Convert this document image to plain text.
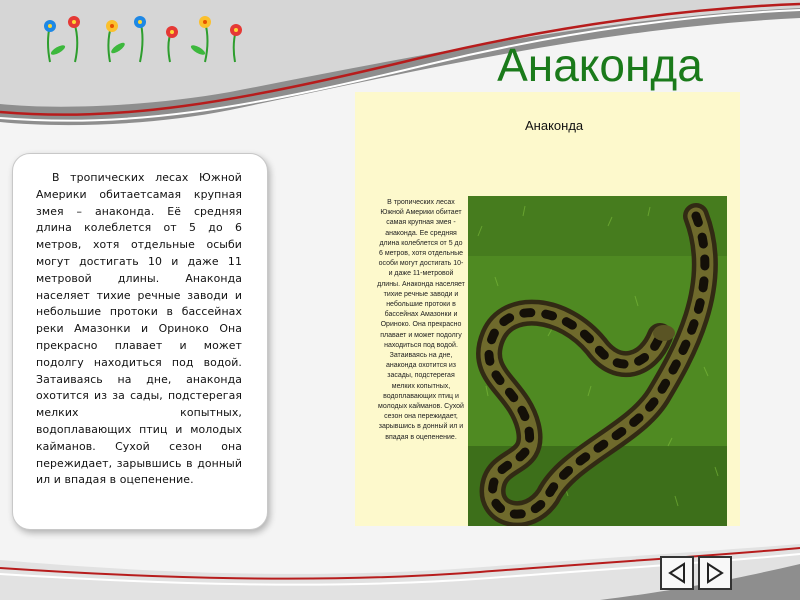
Анаконда
В тропических лесах Южной Америки обитаетсамая крупная змея – анаконда. Её средняя длина колеблется от 5 до 6 метров, хотя отдельные осыби могут достигать 10 и даже 11 метровой длины. Анаконда населяет тихие речные заводи и небольшие протоки в бассейнах реки Амазонки и Ориноко Она прекрасно плавает и может подолгу находиться под водой. Затаиваясь на дне, анаконда охотится из за сады, подстерегая мелких копытных, водоплавающих птиц и молодых кайманов. Сухой сезон она пережидает, зарывшись в донный ил и впадая в оцепенение.
Анаконда
В тропических лесах Южной Америки обитает самая крупная змея - анаконда. Ее средняя длина колеблется от 5 до 6 метров, хотя отдельные особи могут достигать 10- и даже 11-метровой длины. Анаконда населяет тихие речные заводи и небольшие протоки в бассейнах Амазонки и Ориноко. Она прекрасно плавает и может подолгу находиться под водой. Затаиваясь на дне, анаконда охотится из засады, подстерегая мелких копытных, водоплавающих птиц и молодых кайманов. Сухой сезон она пережидает, зарывшись в донный ил и впадая в оцепенение.
